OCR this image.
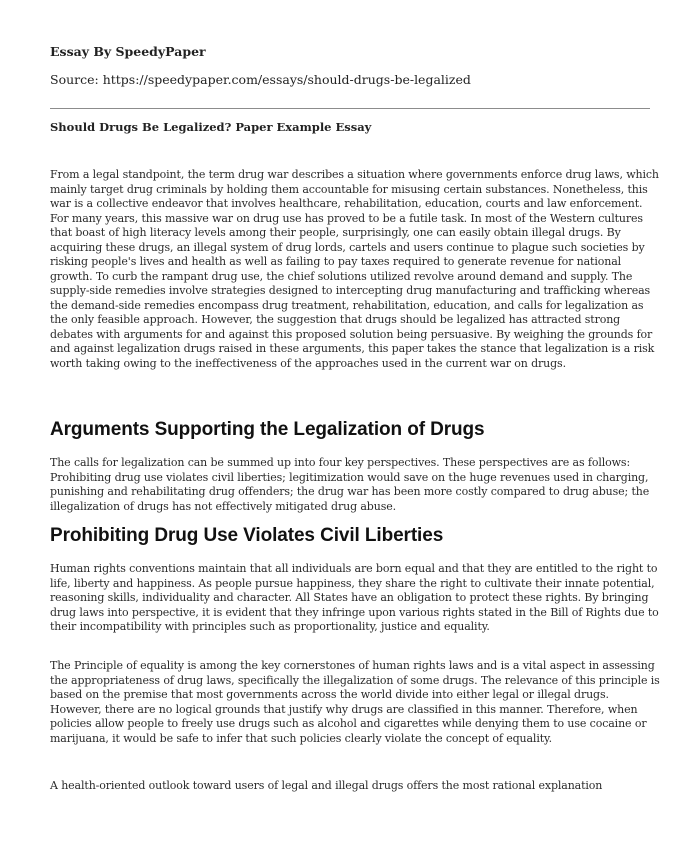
Essay By SpeedyPaper
Source: https://speedypaper.com/essays/should-drugs-be-legalized
Should Drugs Be Legalized? Paper Example Essay

From a legal standpoint, the term drug war describes a situation where governments enforce drug laws, which mainly target drug criminals by holding them accountable for misusing certain substances. Nonetheless, this war is a collective endeavor that involves healthcare, rehabilitation, education, courts and law enforcement. For many years, this massive war on drug use has proved to be a futile task. In most of the Western cultures that boast of high literacy levels among their people, surprisingly, one can easily obtain illegal drugs. By acquiring these drugs, an illegal system of drug lords, cartels and users continue to plague such societies by risking people's lives and health as well as failing to pay taxes required to generate revenue for national growth. To curb the rampant drug use, the chief solutions utilized revolve around demand and supply. The supply-side remedies involve strategies designed to intercepting drug manufacturing and trafficking whereas the demand-side remedies encompass drug treatment, rehabilitation, education, and calls for legalization as the only feasible approach. However, the suggestion that drugs should be legalized has attracted strong debates with arguments for and against this proposed solution being persuasive. By weighing the grounds for and against legalization drugs raised in these arguments, this paper takes the stance that legalization is a risk worth taking owing to the ineffectiveness of the approaches used in the current war on drugs.

Arguments Supporting the Legalization of Drugs

The calls for legalization can be summed up into four key perspectives. These perspectives are as follows: Prohibiting drug use violates civil liberties; legitimization would save on the huge revenues used in charging, punishing and rehabilitating drug offenders; the drug war has been more costly compared to drug abuse; the illegalization of drugs has not effectively mitigated drug abuse.

Prohibiting Drug Use Violates Civil Liberties

Human rights conventions maintain that all individuals are born equal and that they are entitled to the right to life, liberty and happiness. As people pursue happiness, they share the right to cultivate their innate potential, reasoning skills, individuality and character. All States have an obligation to protect these rights. By bringing drug laws into perspective, it is evident that they infringe upon various rights stated in the Bill of Rights due to their incompatibility with principles such as proportionality, justice and equality.

The Principle of equality is among the key cornerstones of human rights laws and is a vital aspect in assessing the appropriateness of drug laws, specifically the illegalization of some drugs. The relevance of this principle is based on the premise that most governments across the world divide into either legal or illegal drugs. However, there are no logical grounds that justify why drugs are classified in this manner. Therefore, when policies allow people to freely use drugs such as alcohol and cigarettes while denying them to use cocaine or marijuana, it would be safe to infer that such policies clearly violate the concept of equality.

A health-oriented outlook toward users of legal and illegal drugs offers the most rational explanation
